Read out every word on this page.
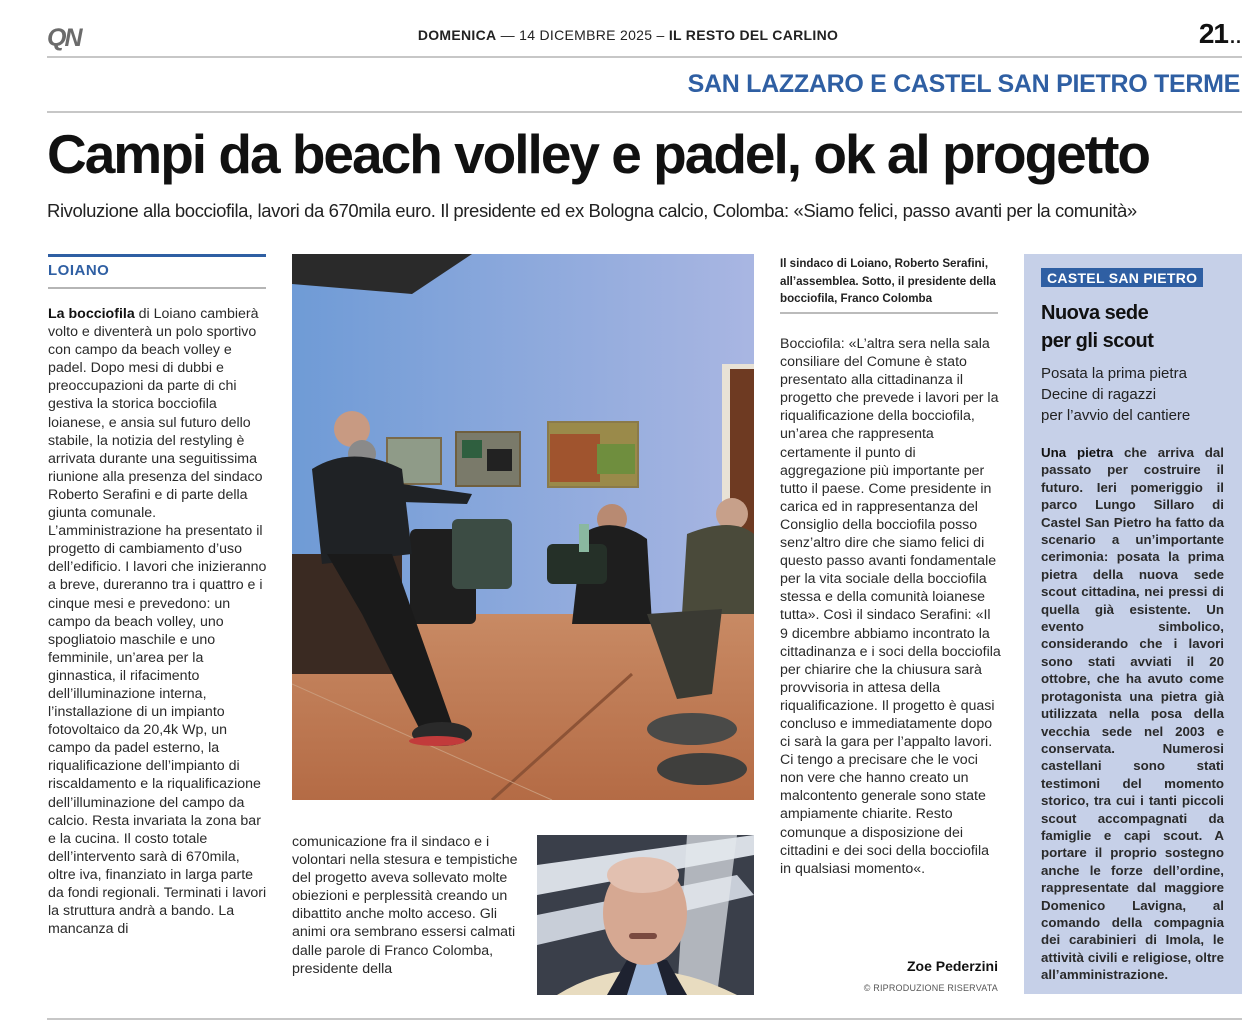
QN	DOMENICA — 14 DICEMBRE 2025 – IL RESTO DEL CARLINO	21 ..
SAN LAZZARO E CASTEL SAN PIETRO TERME
Campi da beach volley e padel, ok al progetto
Rivoluzione alla bocciofila, lavori da 670mila euro. Il presidente ed ex Bologna calcio, Colomba: «Siamo felici, passo avanti per la comunità»
LOIANO

La bocciofila di Loiano cambierà volto e diventerà un polo sportivo con campo da beach volley e padel. Dopo mesi di dubbi e preoccupazioni da parte di chi gestiva la storica bocciofila loianese, e ansia sul futuro dello stabile, la notizia del restyling è arrivata durante una seguitissima riunione alla presenza del sindaco Roberto Serafini e di parte della giunta comunale. L’amministrazione ha presentato il progetto di cambiamento d’uso dell’edificio. I lavori che inizieranno a breve, dureranno tra i quattro e i cinque mesi e prevedono: un campo da beach volley, uno spogliatoio maschile e uno femminile, un’area per la ginnastica, il rifacimento dell’illuminazione interna, l’installazione di un impianto fotovoltaico da 20,4k Wp, un campo da padel esterno, la riqualificazione dell’impianto di riscaldamento e la riqualificazione dell’illuminazione del campo da calcio. Resta invariata la zona bar e la cucina. Il costo totale dell’intervento sarà di 670mila, oltre iva, finanziato in larga parte da fondi regionali. Terminati i lavori la struttura andrà a bando. La mancanza di

comunicazione fra il sindaco e i volontari nella stesura e tempistiche del progetto aveva sollevato molte obiezioni e perplessità creando un dibattito anche molto acceso. Gli animi ora sembrano essersi calmati dalle parole di Franco Colomba, presidente della

Il sindaco di Loiano, Roberto Serafini, all’assemblea. Sotto, il presidente della bocciofila, Franco Colomba

Bocciofila: «L’altra sera nella sala consiliare del Comune è stato presentato alla cittadinanza il progetto che prevede i lavori per la riqualificazione della bocciofila, un’area che rappresenta certamente il punto di aggregazione più importante per tutto il paese. Come presidente in carica ed in rappresentanza del Consiglio della bocciofila posso senz’altro dire che siamo felici di questo passo avanti fondamentale per la vita sociale della bocciofila stessa e della comunità loianese tutta». Così il sindaco Serafini: «Il 9 dicembre abbiamo incontrato la cittadinanza e i soci della bocciofila per chiarire che la chiusura sarà provvisoria in attesa della riqualificazione. Il progetto è quasi concluso e immediatamente dopo ci sarà la gara per l’appalto lavori. Ci tengo a precisare che le voci non vere che hanno creato un malcontento generale sono state ampiamente chiarite. Resto comunque a disposizione dei cittadini e dei soci della bocciofila in qualsiasi momento«.

Zoe Pederzini
© RIPRODUZIONE RISERVATA
CASTEL SAN PIETRO
Nuova sede
per gli scout
Posata la prima pietra
Decine di ragazzi
per l’avvio del cantiere
Una pietra che arriva dal passato per costruire il futuro. Ieri pomeriggio il parco Lungo Sillaro di Castel San Pietro ha fatto da scenario a un’importante cerimonia: posata la prima pietra della nuova sede scout cittadina, nei pressi di quella già esistente. Un evento simbolico, considerando che i lavori sono stati avviati il 20 ottobre, che ha avuto come protagonista una pietra già utilizzata nella posa della vecchia sede nel 2003 e conservata. Numerosi castellani sono stati testimoni del momento storico, tra cui i tanti piccoli scout accompagnati da famiglie e capi scout. A portare il proprio sostegno anche le forze dell’ordine, rappresentate dal maggiore Domenico Lavigna, al comando della compagnia dei carabinieri di Imola, le attività civili e religiose, oltre all’amministrazione.
